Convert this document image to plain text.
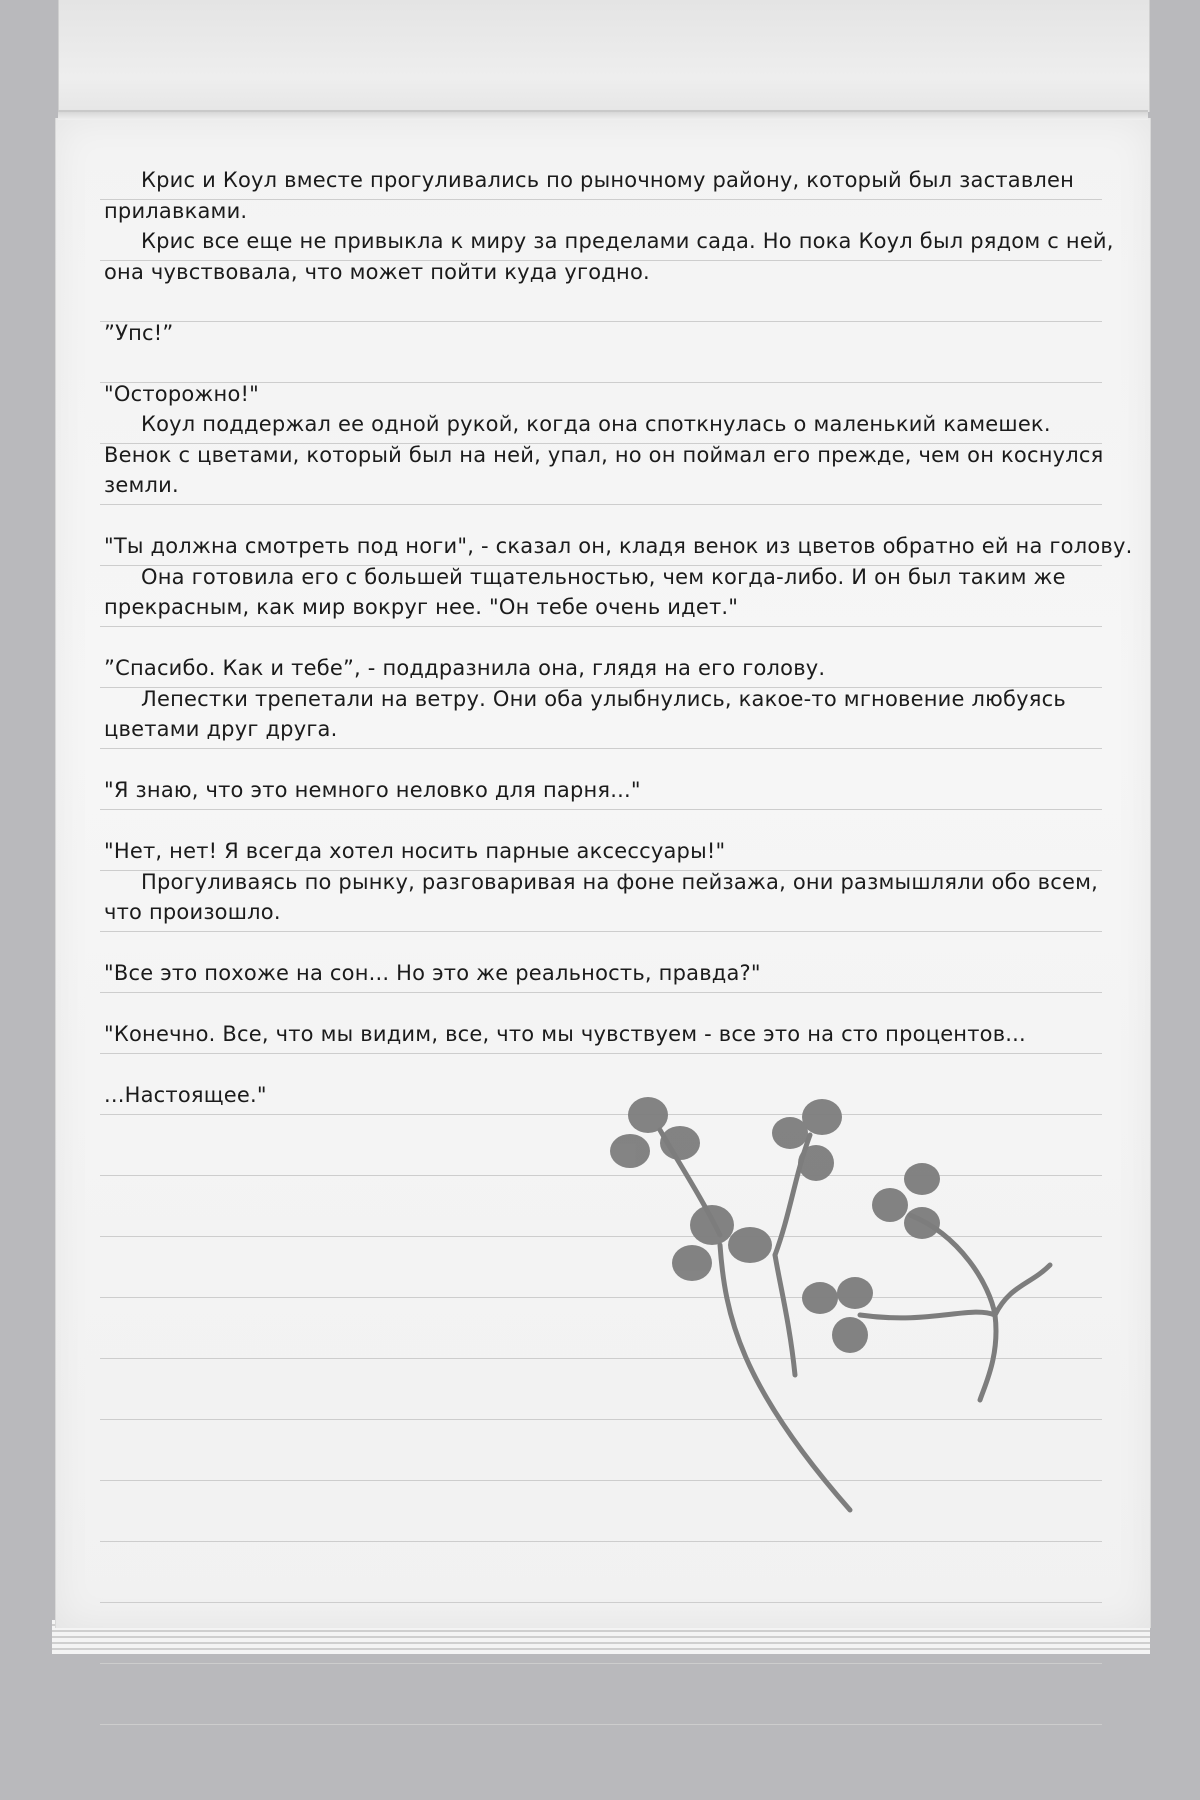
Крис и Коул вместе прогуливались по рыночному району, который был заставлен прилавками.

Крис все еще не привыкла к миру за пределами сада. Но пока Коул был рядом с ней, она чувствовала, что может пойти куда угодно.

”Упс!”

"Осторожно!"

Коул поддержал ее одной рукой, когда она споткнулась о маленький камешек. Венок с цветами, который был на ней, упал, но он поймал его прежде, чем он коснулся земли.

"Ты должна смотреть под ноги", - сказал он, кладя венок из цветов обратно ей на голову.

Она готовила его с большей тщательностью, чем когда-либо. И он был таким же прекрасным, как мир вокруг нее. "Он тебе очень идет."

”Спасибо. Как и тебе”, - поддразнила она, глядя на его голову.

Лепестки трепетали на ветру. Они оба улыбнулись, какое-то мгновение любуясь цветами друг друга.

"Я знаю, что это немного неловко для парня..."

"Нет, нет! Я всегда хотел носить парные аксессуары!"

Прогуливаясь по рынку, разговаривая на фоне пейзажа, они размышляли обо всем, что произошло.

"Все это похоже на сон... Но это же реальность, правда?"

"Конечно. Все, что мы видим, все, что мы чувствуем - все это на сто процентов...

...Настоящее."
